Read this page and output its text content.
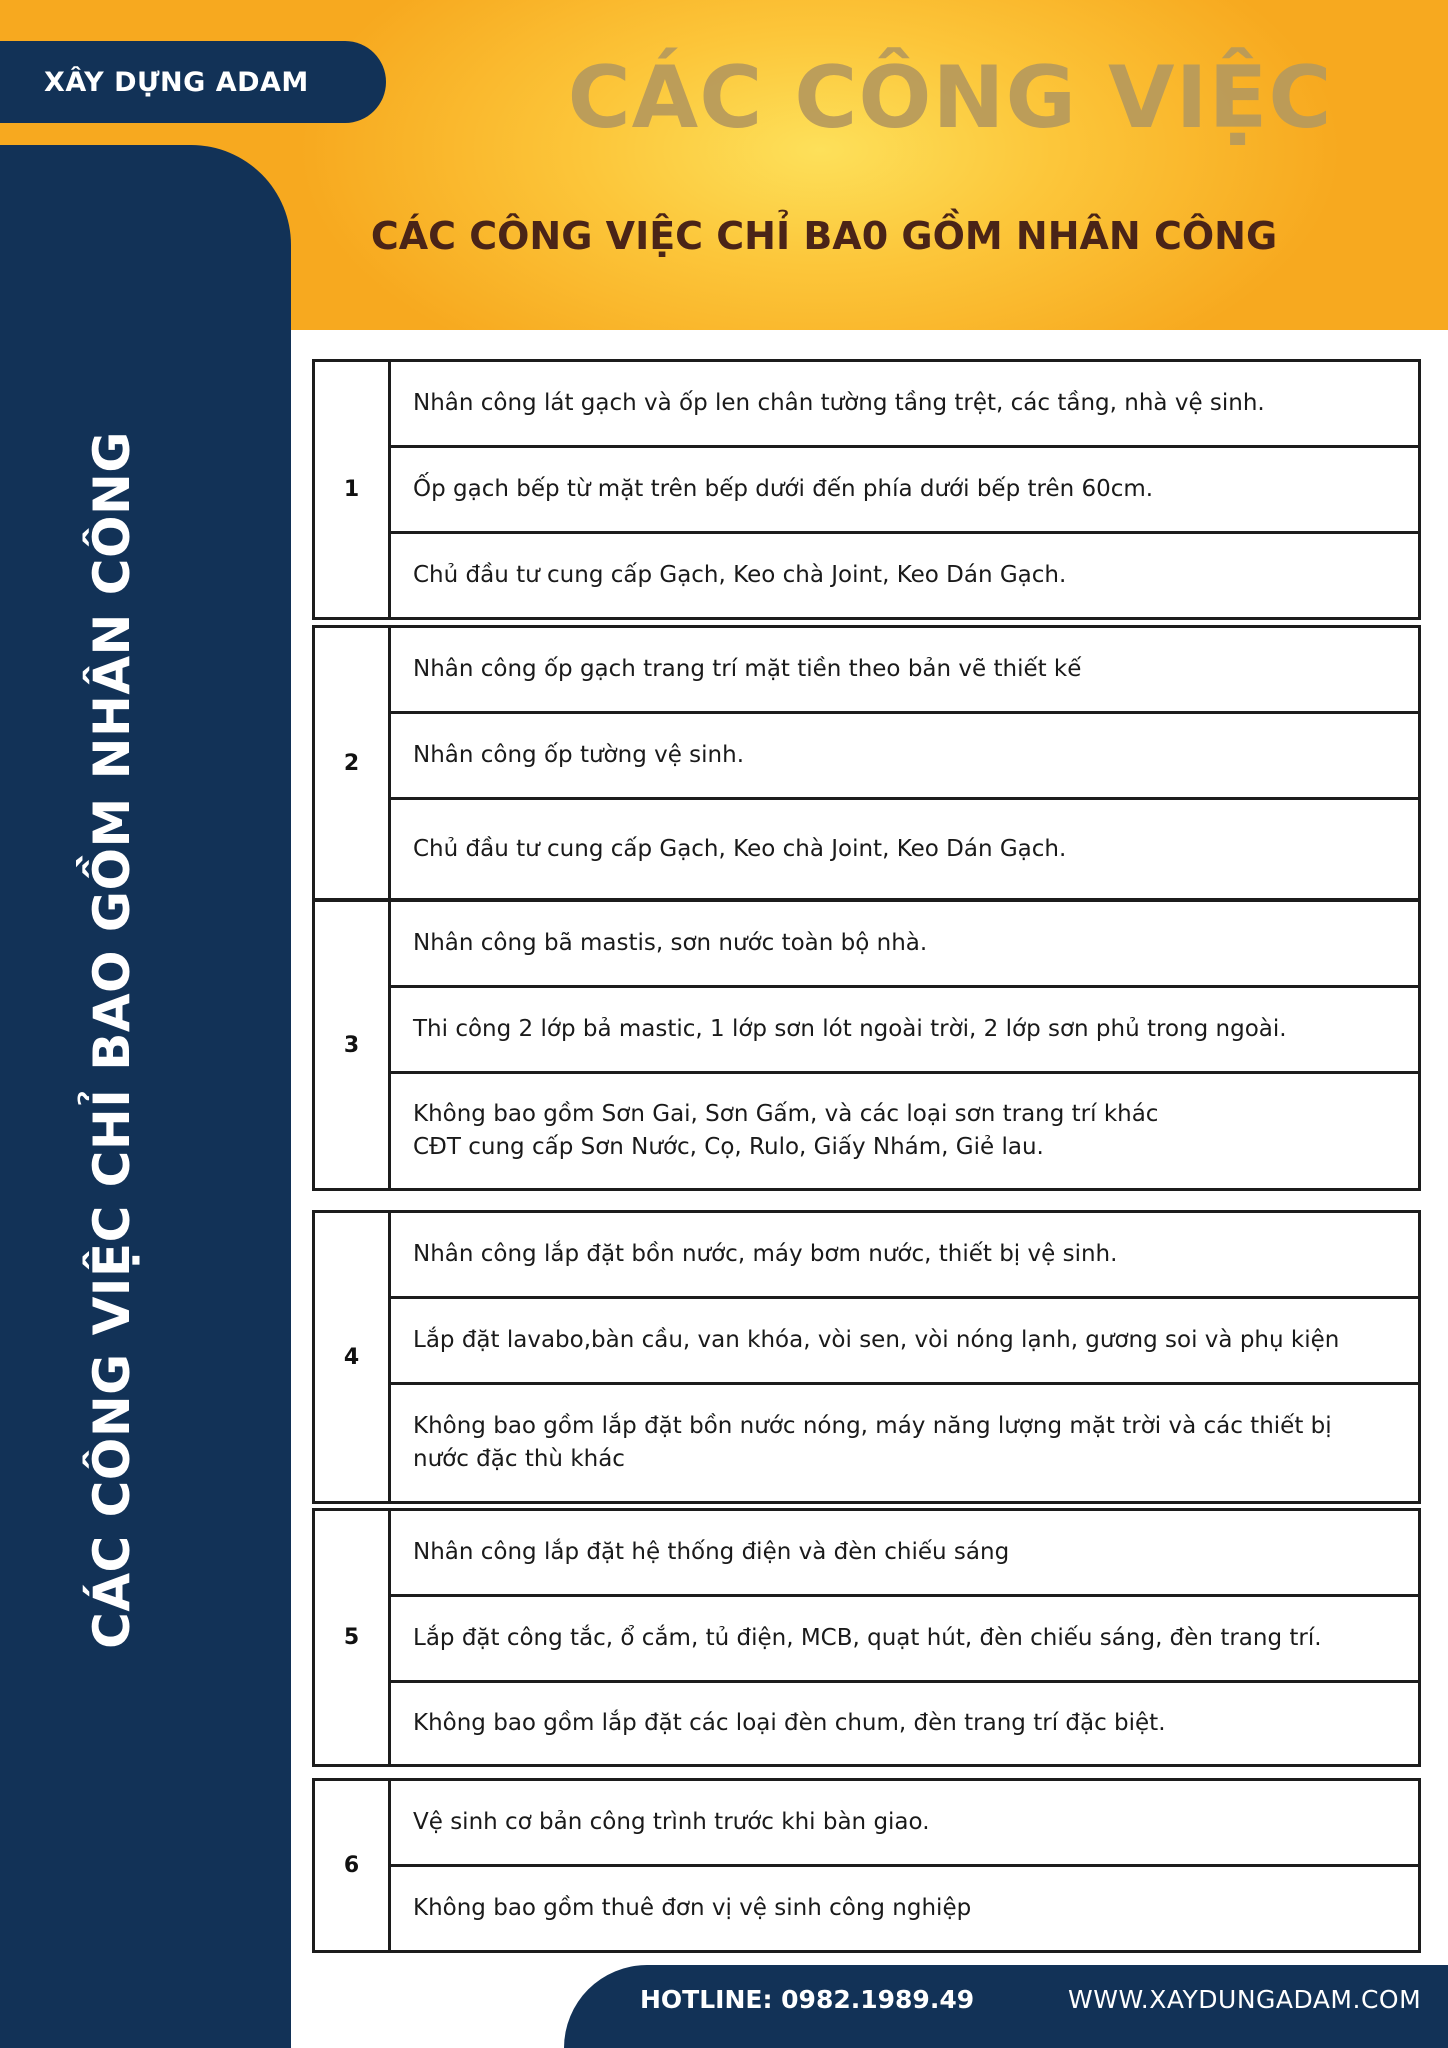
XÂY DỰNG ADAM	CÁC CÔNG VIỆC
CÁC CÔNG VIỆC CHỈ BA0 GỒM NHÂN CÔNG
CÁC CÔNG VIỆC CHỈ BAO GỒM NHÂN CÔNG	1
Nhân công lát gạch và ốp len chân tường tầng trệt, các tầng, nhà vệ sinh.
Ốp gạch bếp từ mặt trên bếp dưới đến phía dưới bếp trên 60cm.
Chủ đầu tư cung cấp Gạch, Keo chà Joint, Keo Dán Gạch.
2
Nhân công ốp gạch trang trí mặt tiền theo bản vẽ thiết kế
Nhân công ốp tường vệ sinh.
Chủ đầu tư cung cấp Gạch, Keo chà Joint, Keo Dán Gạch.
3
Nhân công bã mastis, sơn nước toàn bộ nhà.
Thi công 2 lớp bả mastic, 1 lớp sơn lót ngoài trời, 2 lớp sơn phủ trong ngoài.
Không bao gồm Sơn Gai, Sơn Gấm, và các loại sơn trang trí khác
CĐT cung cấp Sơn Nước, Cọ, Rulo, Giấy Nhám, Giẻ lau.
4
Nhân công lắp đặt bồn nước, máy bơm nước, thiết bị vệ sinh.
Lắp đặt lavabo,bàn cầu, van khóa, vòi sen, vòi nóng lạnh, gương soi và phụ kiện
Không bao gồm lắp đặt bồn nước nóng, máy năng lượng mặt trời và các thiết bị
nước đặc thù khác
5
Nhân công lắp đặt hệ thống điện và đèn chiếu sáng
Lắp đặt công tắc, ổ cắm, tủ điện, MCB, quạt hút, đèn chiếu sáng, đèn trang trí.
Không bao gồm lắp đặt các loại đèn chum, đèn trang trí đặc biệt.
6
Vệ sinh cơ bản công trình trước khi bàn giao.
Không bao gồm thuê đơn vị vệ sinh công nghiệp
HOTLINE: 0982.1989.49	WWW.XAYDUNGADAM.COM
